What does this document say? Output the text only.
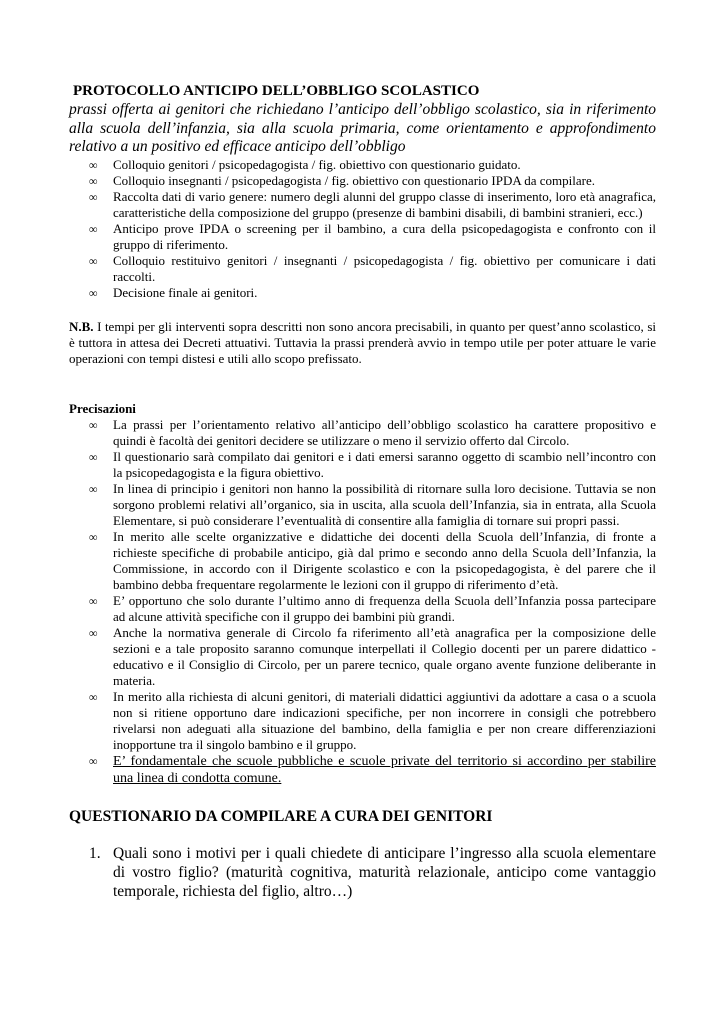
PROTOCOLLO ANTICIPO DELL’OBBLIGO SCOLASTICO

prassi offerta ai genitori che richiedano l’anticipo dell’obbligo scolastico, sia in riferimento alla scuola dell’infanzia, sia alla scuola primaria, come orientamento e approfondimento relativo a un positivo ed efficace anticipo dell’obbligo

∞ Colloquio genitori / psicopedagogista / fig. obiettivo con questionario guidato.
∞ Colloquio insegnanti / psicopedagogista / fig. obiettivo con questionario IPDA da compilare.
∞ Raccolta dati di vario genere: numero degli alunni del gruppo classe di inserimento, loro età anagrafica, caratteristiche della composizione del gruppo (presenze di bambini disabili, di bambini stranieri, ecc.)
∞ Anticipo prove IPDA o screening per il bambino, a cura della psicopedagogista e confronto con il gruppo di riferimento.
∞ Colloquio restituivo genitori / insegnanti / psicopedagogista / fig. obiettivo per comunicare i dati raccolti.
∞ Decisione finale ai genitori.

N.B. I tempi per gli interventi sopra descritti non sono ancora precisabili, in quanto per quest’anno scolastico, si è tuttora in attesa dei Decreti attuativi. Tuttavia la prassi prenderà avvio in tempo utile per poter attuare le varie operazioni con tempi distesi e utili allo scopo prefissato.

Precisazioni

∞ La prassi per l’orientamento relativo all’anticipo dell’obbligo scolastico ha carattere propositivo e quindi è facoltà dei genitori decidere se utilizzare o meno il servizio offerto dal Circolo.
∞ Il questionario sarà compilato dai genitori e i dati emersi saranno oggetto di scambio nell’incontro con la psicopedagogista e la figura obiettivo.
∞ In linea di principio i genitori non hanno la possibilità di ritornare sulla loro decisione. Tuttavia se non sorgono problemi relativi all’organico, sia in uscita, alla scuola dell’Infanzia, sia in entrata, alla Scuola Elementare, si può considerare l’eventualità di consentire alla famiglia di tornare sui propri passi.
∞ In merito alle scelte organizzative e didattiche dei docenti della Scuola dell’Infanzia, di fronte a richieste specifiche di probabile anticipo, già dal primo e secondo anno della Scuola dell’Infanzia, la Commissione, in accordo con il Dirigente scolastico e con la psicopedagogista, è del parere che il bambino debba frequentare regolarmente le lezioni con il gruppo di riferimento d’età.
∞ E’ opportuno che solo durante l’ultimo anno di frequenza della Scuola dell’Infanzia possa partecipare ad alcune attività specifiche con il gruppo dei bambini più grandi.
∞ Anche la normativa generale di Circolo fa riferimento all’età anagrafica per la composizione delle sezioni e a tale proposito saranno comunque interpellati il Collegio docenti per un parere didattico - educativo e il Consiglio di Circolo, per un parere tecnico, quale organo avente funzione deliberante in materia.
∞ In merito alla richiesta di alcuni genitori, di materiali didattici aggiuntivi da adottare a casa o a scuola non si ritiene opportuno dare indicazioni specifiche, per non incorrere in consigli che potrebbero rivelarsi non adeguati alla situazione del bambino, della famiglia e per non creare differenziazioni inopportune tra il singolo bambino e il gruppo.
∞ E’ fondamentale che scuole pubbliche e scuole private del territorio si accordino per stabilire una linea di condotta comune.

QUESTIONARIO DA COMPILARE A CURA DEI GENITORI

1. Quali sono i motivi per i quali chiedete di anticipare l’ingresso alla scuola elementare di vostro figlio? (maturità cognitiva, maturità relazionale, anticipo come vantaggio temporale, richiesta del figlio, altro…)
